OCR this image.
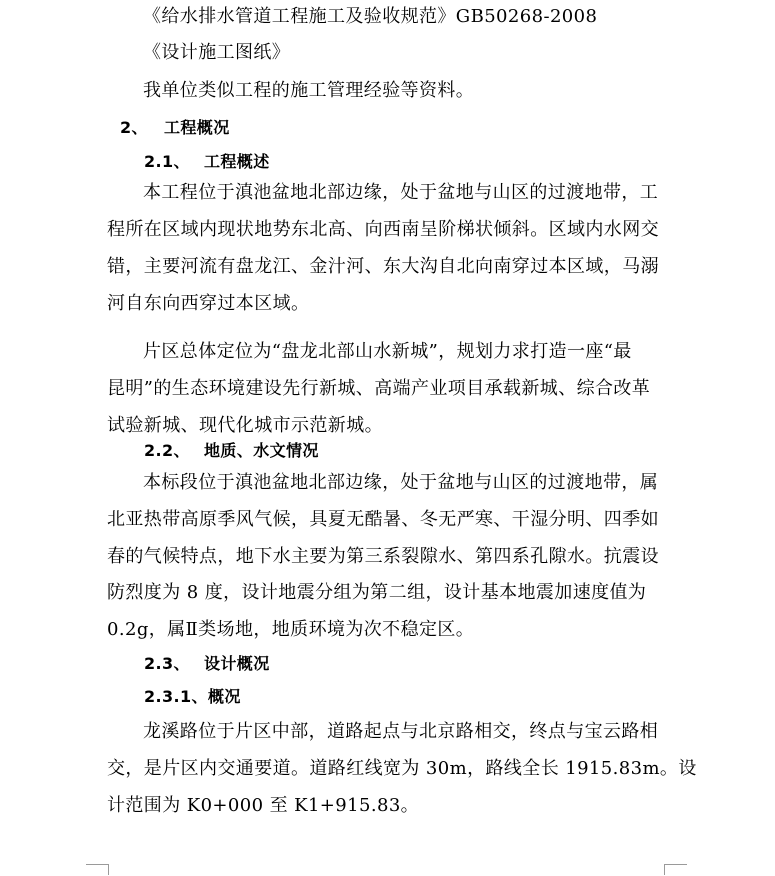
《给水排水管道工程施工及验收规范》GB50268-2008
《设计施工图纸》
我单位类似工程的施工管理经验等资料。
2、 工程概况
2.1、 工程概述
本工程位于滇池盆地北部边缘，处于盆地与山区的过渡地带，工
程所在区域内现状地势东北高、向西南呈阶梯状倾斜。区域内水网交
错，主要河流有盘龙江、金汁河、东大沟自北向南穿过本区域，马溺
河自东向西穿过本区域。
片区总体定位为“盘龙北部山水新城”，规划力求打造一座“最
昆明”的生态环境建设先行新城、高端产业项目承载新城、综合改革
试验新城、现代化城市示范新城。
2.2、 地质、水文情况
本标段位于滇池盆地北部边缘，处于盆地与山区的过渡地带，属
北亚热带高原季风气候，具夏无酷暑、冬无严寒、干湿分明、四季如
春的气候特点，地下水主要为第三系裂隙水、第四系孔隙水。抗震设
防烈度为 8 度，设计地震分组为第二组，设计基本地震加速度值为
0.2g，属Ⅱ类场地，地质环境为次不稳定区。
2.3、 设计概况
2.3.1、概况
龙溪路位于片区中部，道路起点与北京路相交，终点与宝云路相
交，是片区内交通要道。道路红线宽为 30m，路线全长 1915.83m。设
计范围为 K0+000 至 K1+915.83。
